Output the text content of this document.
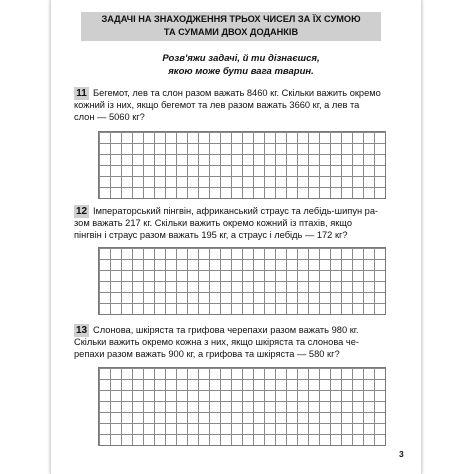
ЗАДАЧІ НА ЗНАХОДЖЕННЯ ТРЬОХ ЧИСЕЛ ЗА ЇХ СУМОЮ
ТА СУМАМИ ДВОХ ДОДАНКІВ
Розв'яжи задачі, й ти дізнаєшся,
якою може бути вага тварин.
Бегемот, лев та слон разом важать 8460 кг. Скільки важить окремо
кожний із них, якщо бегемот та лев разом важать 3660 кг, а лев та
слон — 5060 кг?
11
Імператорський пінгвін, африканський страус та лебідь-шипун ра-
зом важать 217 кг. Скільки важить окремо кожний із птахів, якщо
пінгвін і страус разом важать 195 кг, а страус і лебідь — 172 кг?
12
Слонова, шкіряста та грифова черепахи разом важать 980 кг.
Скільки важить окремо кожна з них, якщо шкіряста та слонова че-
репахи разом важать 900 кг, а грифова та шкіряста — 580 кг?
13
3
